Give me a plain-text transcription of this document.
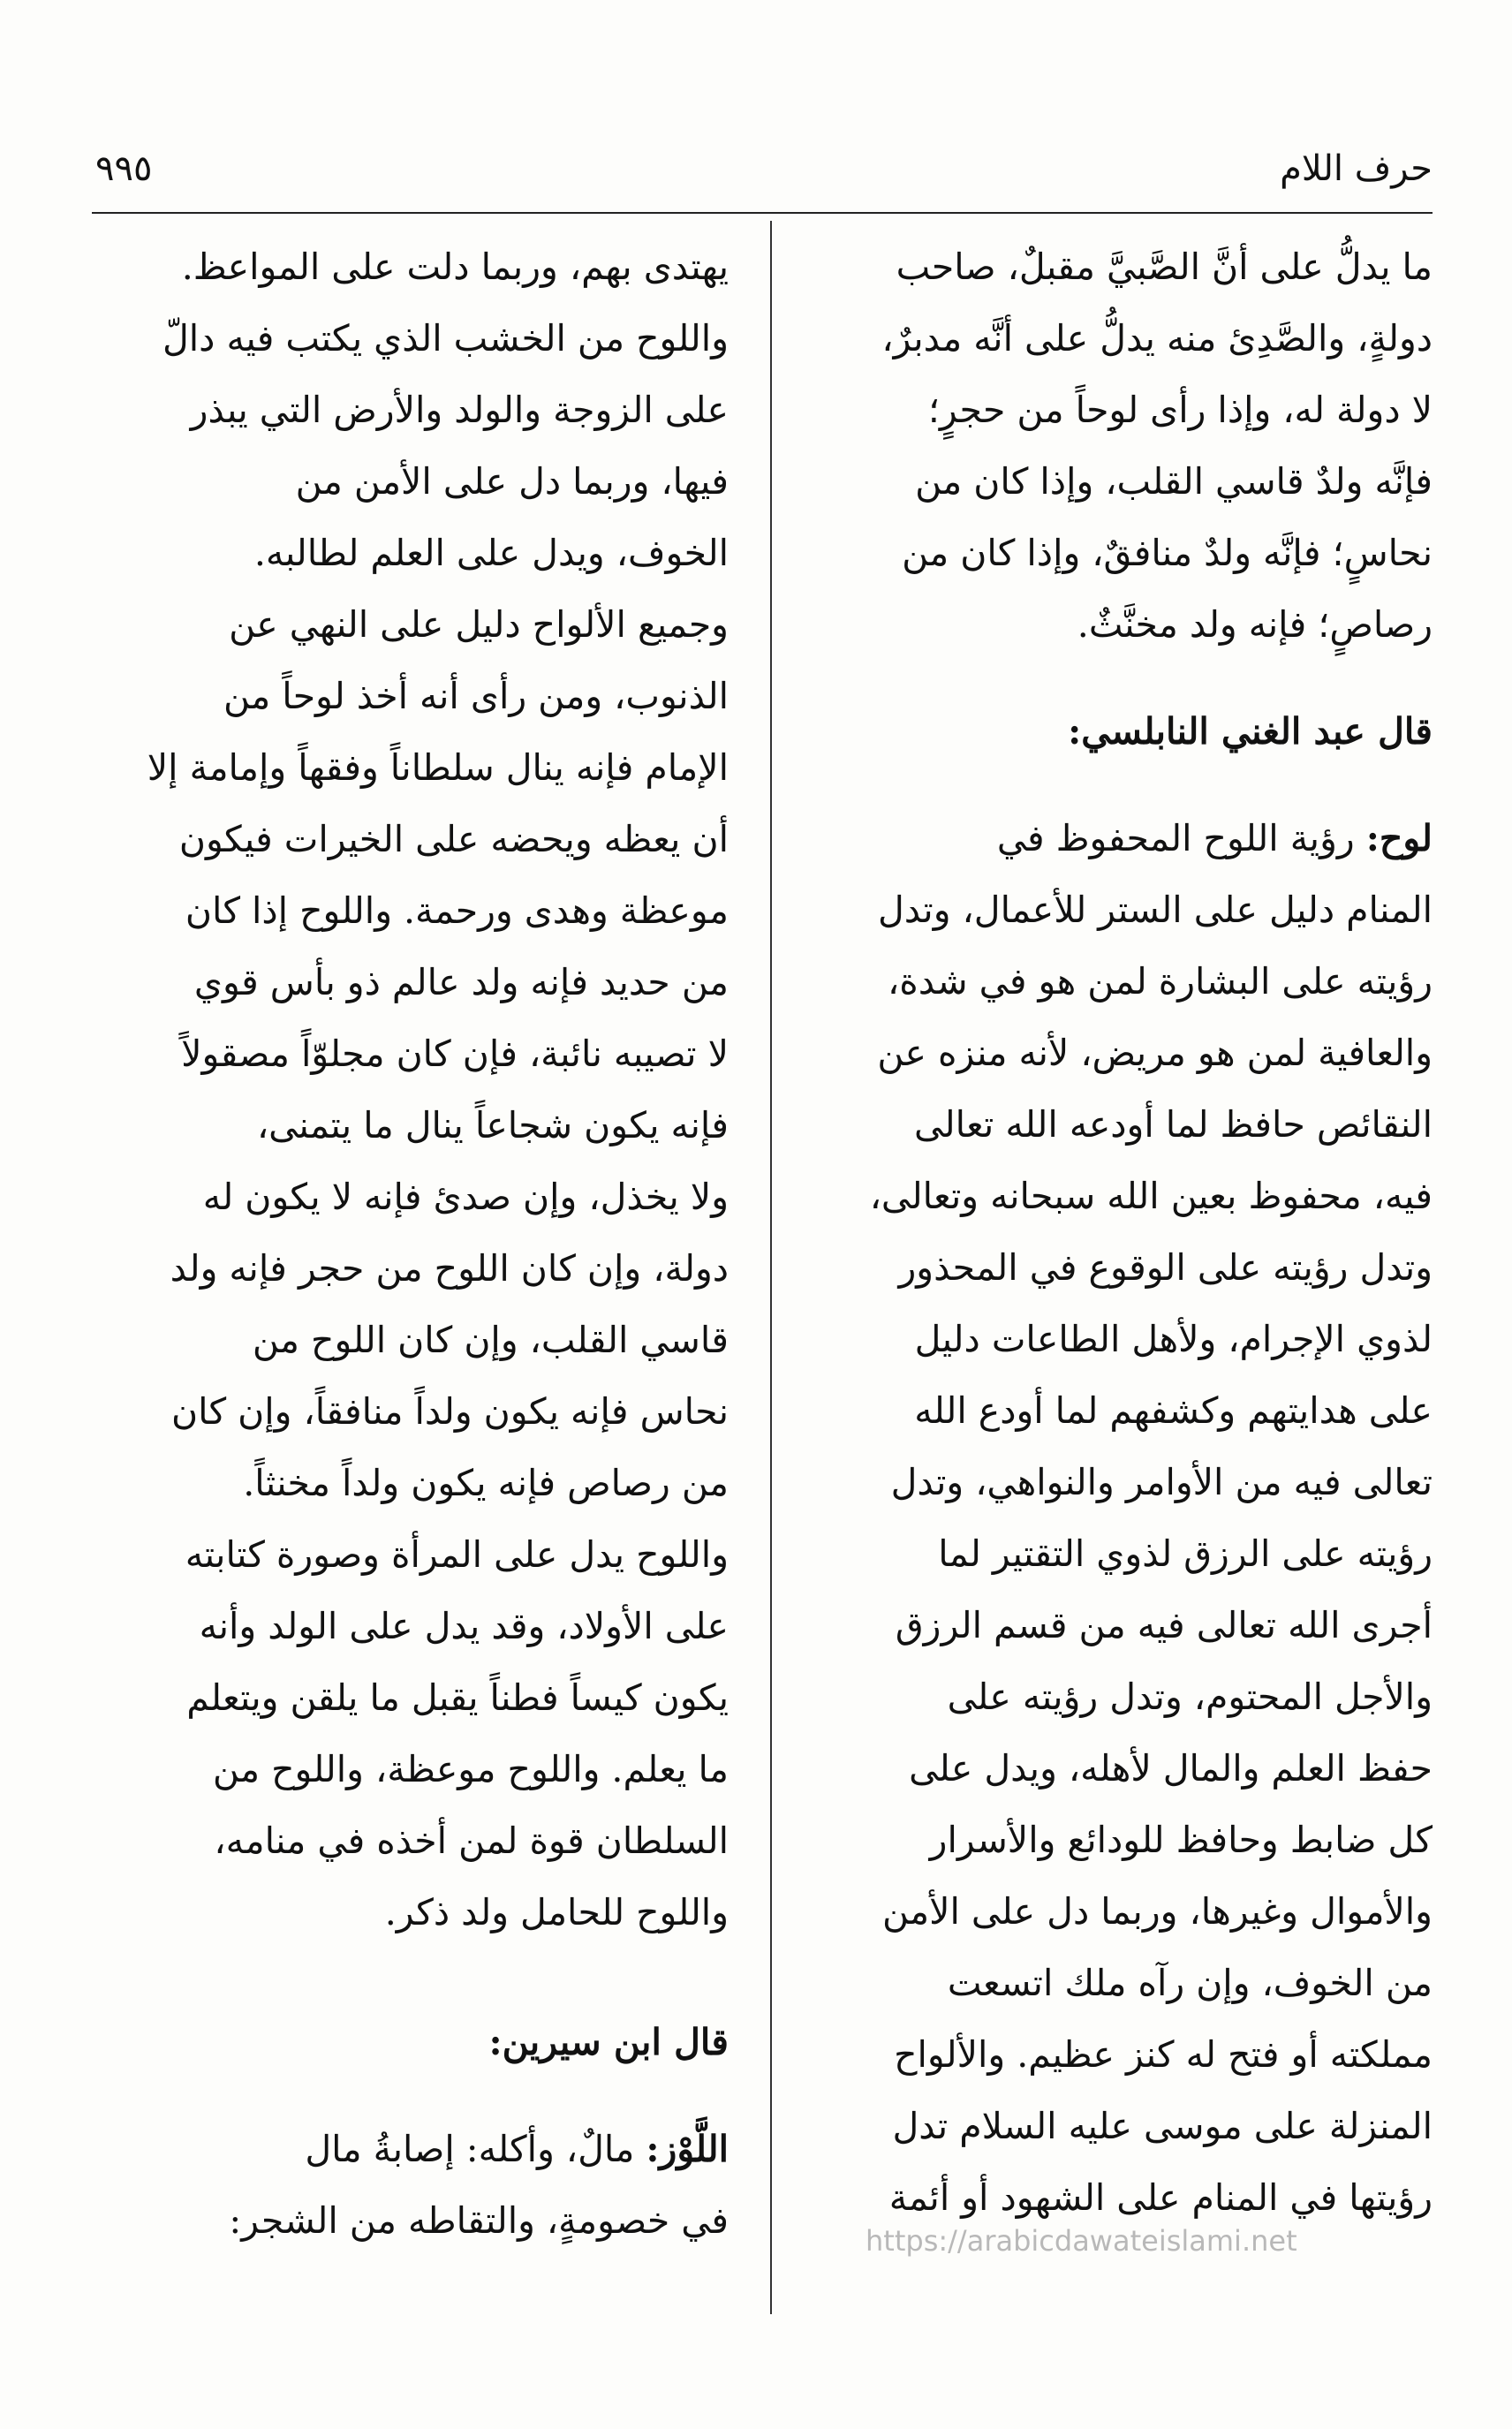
حرف اللام
٩٩٥
ما يدلُّ على أنَّ الصَّبيَّ مقبلٌ، صاحب
دولةٍ، والصَّدِئ منه يدلُّ على أنَّه مدبرٌ،
لا دولة له، وإذا رأى لوحاً من حجرٍ؛
فإنَّه ولدٌ قاسي القلب، وإذا كان من
نحاسٍ؛ فإنَّه ولدٌ منافقٌ، وإذا كان من
رصاصٍ؛ فإنه ولد مخنَّثٌ.
قال عبد الغني النابلسي:
لوح: رؤية اللوح المحفوظ في
المنام دليل على الستر للأعمال، وتدل
رؤيته على البشارة لمن هو في شدة،
والعافية لمن هو مريض، لأنه منزه عن
النقائص حافظ لما أودعه الله تعالى
فيه، محفوظ بعين الله سبحانه وتعالى،
وتدل رؤيته على الوقوع في المحذور
لذوي الإجرام، ولأهل الطاعات دليل
على هدايتهم وكشفهم لما أودع الله
تعالى فيه من الأوامر والنواهي، وتدل
رؤيته على الرزق لذوي التقتير لما
أجرى الله تعالى فيه من قسم الرزق
والأجل المحتوم، وتدل رؤيته على
حفظ العلم والمال لأهله، ويدل على
كل ضابط وحافظ للودائع والأسرار
والأموال وغيرها، وربما دل على الأمن
من الخوف، وإن رآه ملك اتسعت
مملكته أو فتح له كنز عظيم. والألواح
المنزلة على موسى عليه السلام تدل
رؤيتها في المنام على الشهود أو أئمة
يهتدى بهم، وربما دلت على المواعظ.
واللوح من الخشب الذي يكتب فيه دالّ
على الزوجة والولد والأرض التي يبذر
فيها، وربما دل على الأمن من
الخوف، ويدل على العلم لطالبه.
وجميع الألواح دليل على النهي عن
الذنوب، ومن رأى أنه أخذ لوحاً من
الإمام فإنه ينال سلطاناً وفقهاً وإمامة إلا
أن يعظه ويحضه على الخيرات فيكون
موعظة وهدى ورحمة. واللوح إذا كان
من حديد فإنه ولد عالم ذو بأس قوي
لا تصيبه نائبة، فإن كان مجلوّاً مصقولاً
فإنه يكون شجاعاً ينال ما يتمنى،
ولا يخذل، وإن صدئ فإنه لا يكون له
دولة، وإن كان اللوح من حجر فإنه ولد
قاسي القلب، وإن كان اللوح من
نحاس فإنه يكون ولداً منافقاً، وإن كان
من رصاص فإنه يكون ولداً مخنثاً.
واللوح يدل على المرأة وصورة كتابته
على الأولاد، وقد يدل على الولد وأنه
يكون كيساً فطناً يقبل ما يلقن ويتعلم
ما يعلم. واللوح موعظة، واللوح من
السلطان قوة لمن أخذه في منامه،
واللوح للحامل ولد ذكر.
قال ابن سيرين:
اللَّوْز: مالٌ، وأكله: إصابةُ مال
في خصومةٍ، والتقاطه من الشجر:	https://arabicdawateislami.net
